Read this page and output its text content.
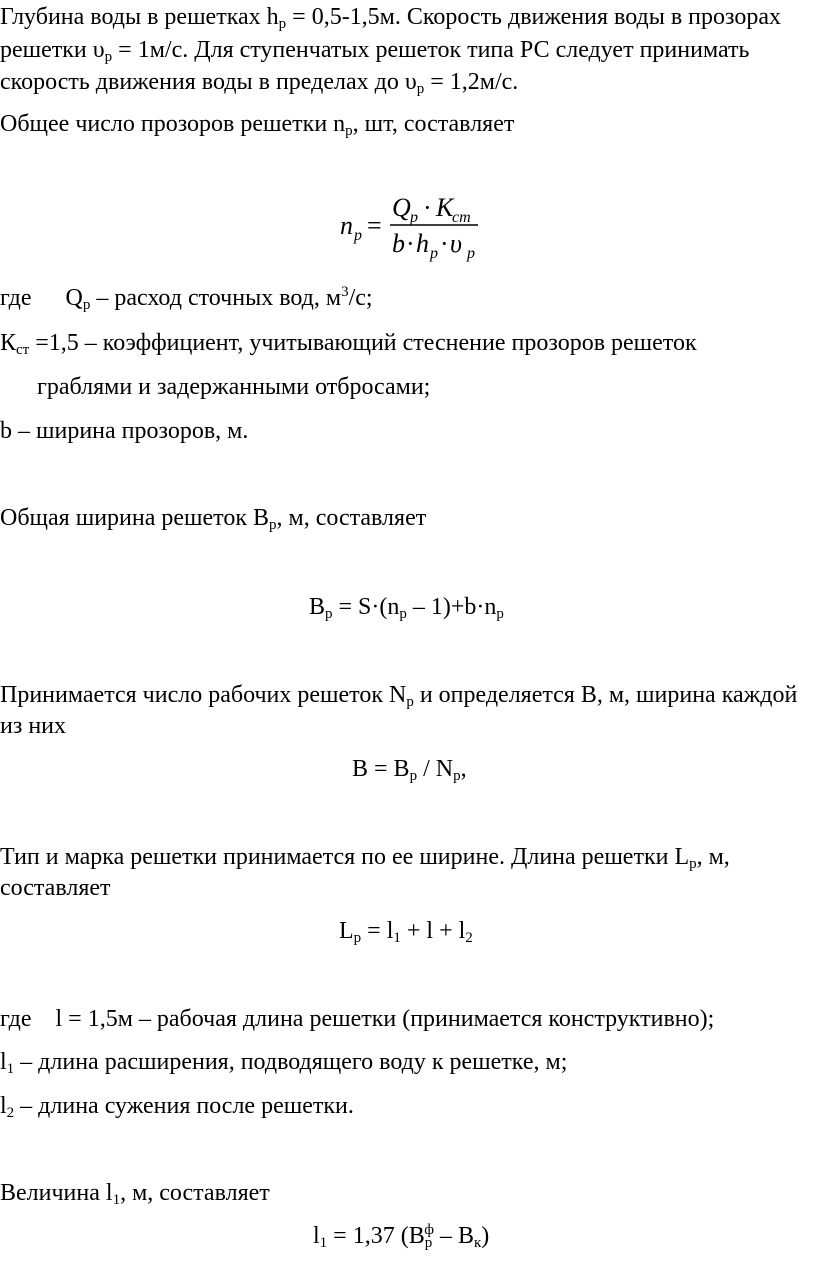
Глубина воды в решетках $h_р = 0,5-1,5м$. Скорость движения воды в прозорах
решетки $\upsilon_р = 1м/с$. Для ступенчатых решеток типа РС следует принимать
скорость движения воды в пределах до $\upsilon_р = 1,2м/с$.
Общее число прозоров решетки $n_р$, шт, составляет
n p =
Q p · K
ст
b · h p · υ p
где $Q_р$ – расход сточных вод, $м^3/с$;
$К_{ст} =1,5$ – коэффициент, учитывающий стеснение прозоров решеток
граблями и задержанными отбросами;
b – ширина прозоров, м.
Общая ширина решеток $В_р$, м, составляет
$B_р = S\cdot(n_р - 1)+b\cdot n_р$
Принимается число рабочих решеток $N_р$ и определяется В, м, ширина каждой
из них
$B = B_р / N_р$,
Тип и марка решетки принимается по ее ширине. Длина решетки $L_р$, м,
составляет
$L_р = l_1 + l + l_2$
где l = 1,5м – рабочая длина решетки (принимается конструктивно);
$l_1$ – длина расширения, подводящего воду к решетке, м;
$l_2$ – длина сужения после решетки.
Величина $l_1$, м, составляет
$l_1 = 1,37$ $(В_р^ф - В_к)$
